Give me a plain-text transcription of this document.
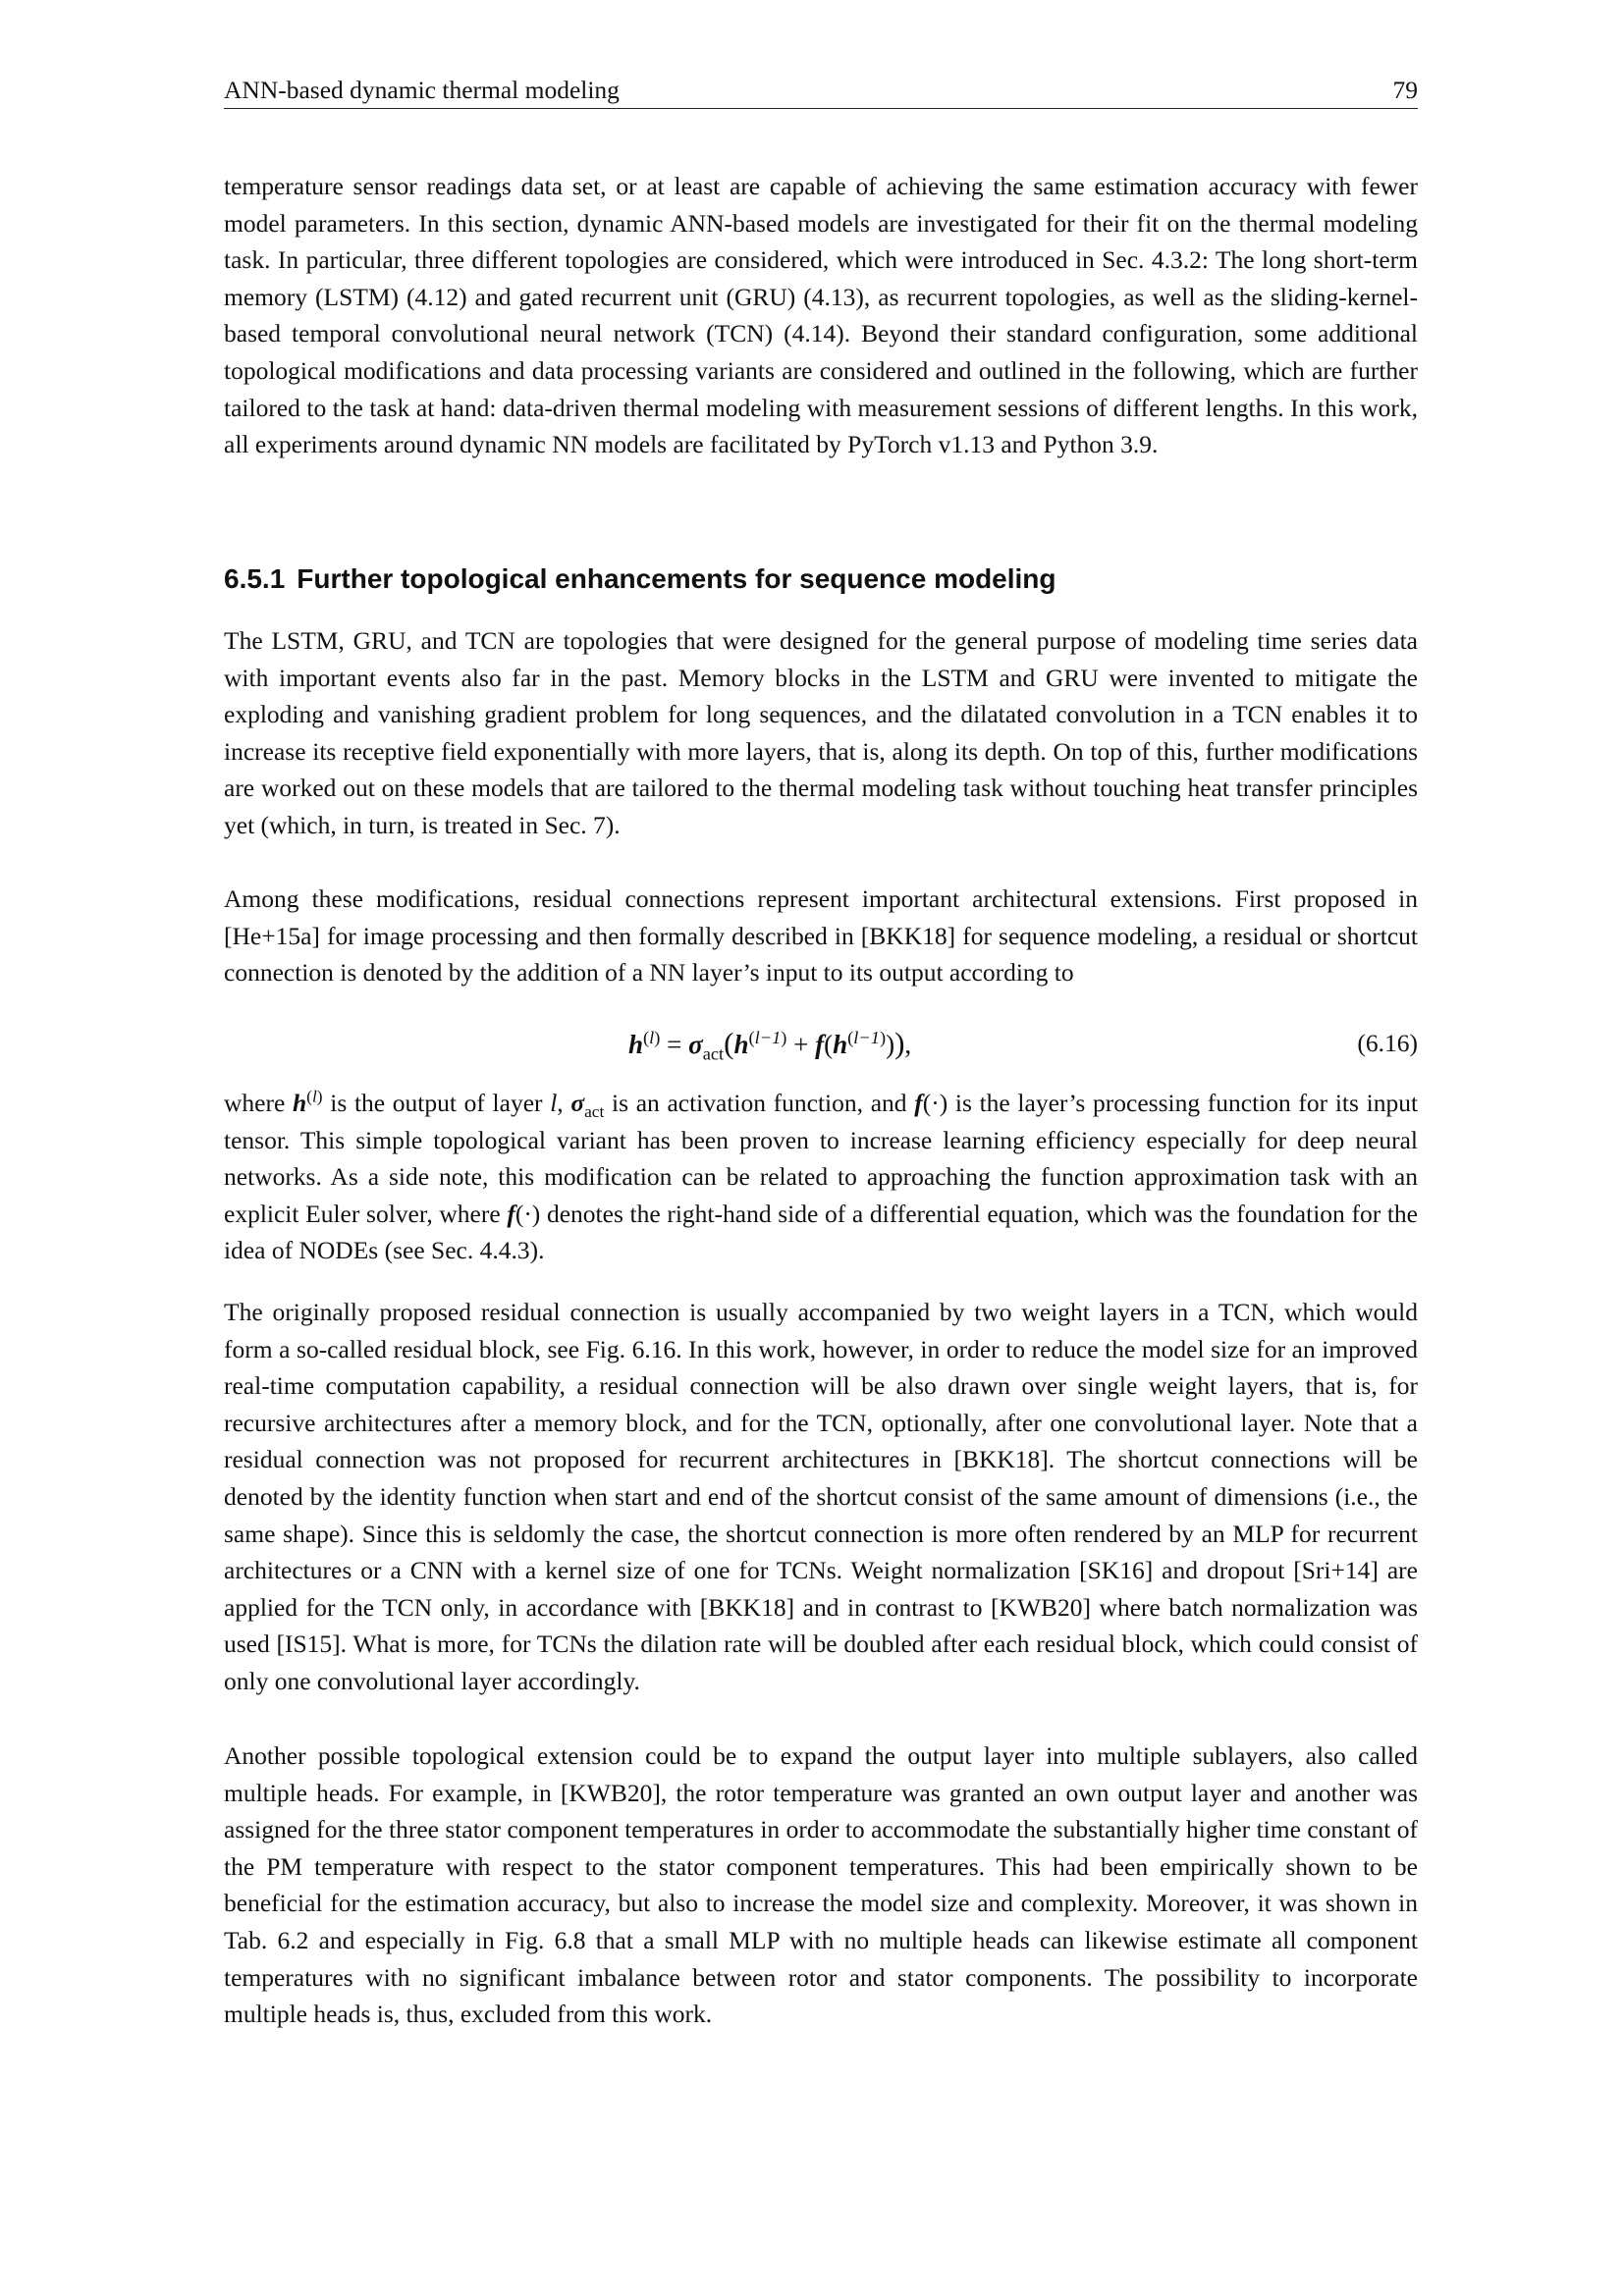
ANN-based dynamic thermal modeling	79

temperature sensor readings data set, or at least are capable of achieving the same estimation accuracy with fewer model parameters. In this section, dynamic ANN-based models are investigated for their fit on the thermal modeling task. In particular, three different topologies are considered, which were introduced in Sec. 4.3.2: The long short-term memory (LSTM) (4.12) and gated recurrent unit (GRU) (4.13), as recurrent topologies, as well as the sliding-kernel-based temporal convolutional neural network (TCN) (4.14). Beyond their standard configuration, some additional topological modifications and data processing variants are considered and outlined in the following, which are further tailored to the task at hand: data-driven thermal modeling with measurement sessions of different lengths. In this work, all experiments around dynamic NN models are facilitated by PyTorch v1.13 and Python 3.9.

6.5.1 Further topological enhancements for sequence modeling

The LSTM, GRU, and TCN are topologies that were designed for the general purpose of modeling time series data with important events also far in the past. Memory blocks in the LSTM and GRU were invented to mitigate the exploding and vanishing gradient problem for long sequences, and the dilatated convolution in a TCN enables it to increase its receptive field exponentially with more layers, that is, along its depth. On top of this, further modifications are worked out on these models that are tailored to the thermal modeling task without touching heat transfer principles yet (which, in turn, is treated in Sec. 7).

Among these modifications, residual connections represent important architectural extensions. First proposed in [He+15a] for image processing and then formally described in [BKK18] for sequence modeling, a residual or shortcut connection is denoted by the addition of a NN layer’s input to its output according to

$h^{(l)} = \sigma_{act}(h^{(l-1)} + f(h^{(l-1)}))$,	(6.16)

where $h^{(l)}$ is the output of layer l, $\sigma_{act}$ is an activation function, and f(·) is the layer’s processing function for its input tensor. This simple topological variant has been proven to increase learning efficiency especially for deep neural networks. As a side note, this modification can be related to approaching the function approximation task with an explicit Euler solver, where f(·) denotes the right-hand side of a differential equation, which was the foundation for the idea of NODEs (see Sec. 4.4.3).

The originally proposed residual connection is usually accompanied by two weight layers in a TCN, which would form a so-called residual block, see Fig. 6.16. In this work, however, in order to reduce the model size for an improved real-time computation capability, a residual connection will be also drawn over single weight layers, that is, for recursive architectures after a memory block, and for the TCN, optionally, after one convolutional layer. Note that a residual connection was not proposed for recurrent architectures in [BKK18]. The shortcut connections will be denoted by the identity function when start and end of the shortcut consist of the same amount of dimensions (i.e., the same shape). Since this is seldomly the case, the shortcut connection is more often rendered by an MLP for recurrent architectures or a CNN with a kernel size of one for TCNs. Weight normalization [SK16] and dropout [Sri+14] are applied for the TCN only, in accordance with [BKK18] and in contrast to [KWB20] where batch normalization was used [IS15]. What is more, for TCNs the dilation rate will be doubled after each residual block, which could consist of only one convolutional layer accordingly.

Another possible topological extension could be to expand the output layer into multiple sublayers, also called multiple heads. For example, in [KWB20], the rotor temperature was granted an own output layer and another was assigned for the three stator component temperatures in order to accommodate the substantially higher time constant of the PM temperature with respect to the stator component temperatures. This had been empirically shown to be beneficial for the estimation accuracy, but also to increase the model size and complexity. Moreover, it was shown in Tab. 6.2 and especially in Fig. 6.8 that a small MLP with no multiple heads can likewise estimate all component temperatures with no significant imbalance between rotor and stator components. The possibility to incorporate multiple heads is, thus, excluded from this work.
